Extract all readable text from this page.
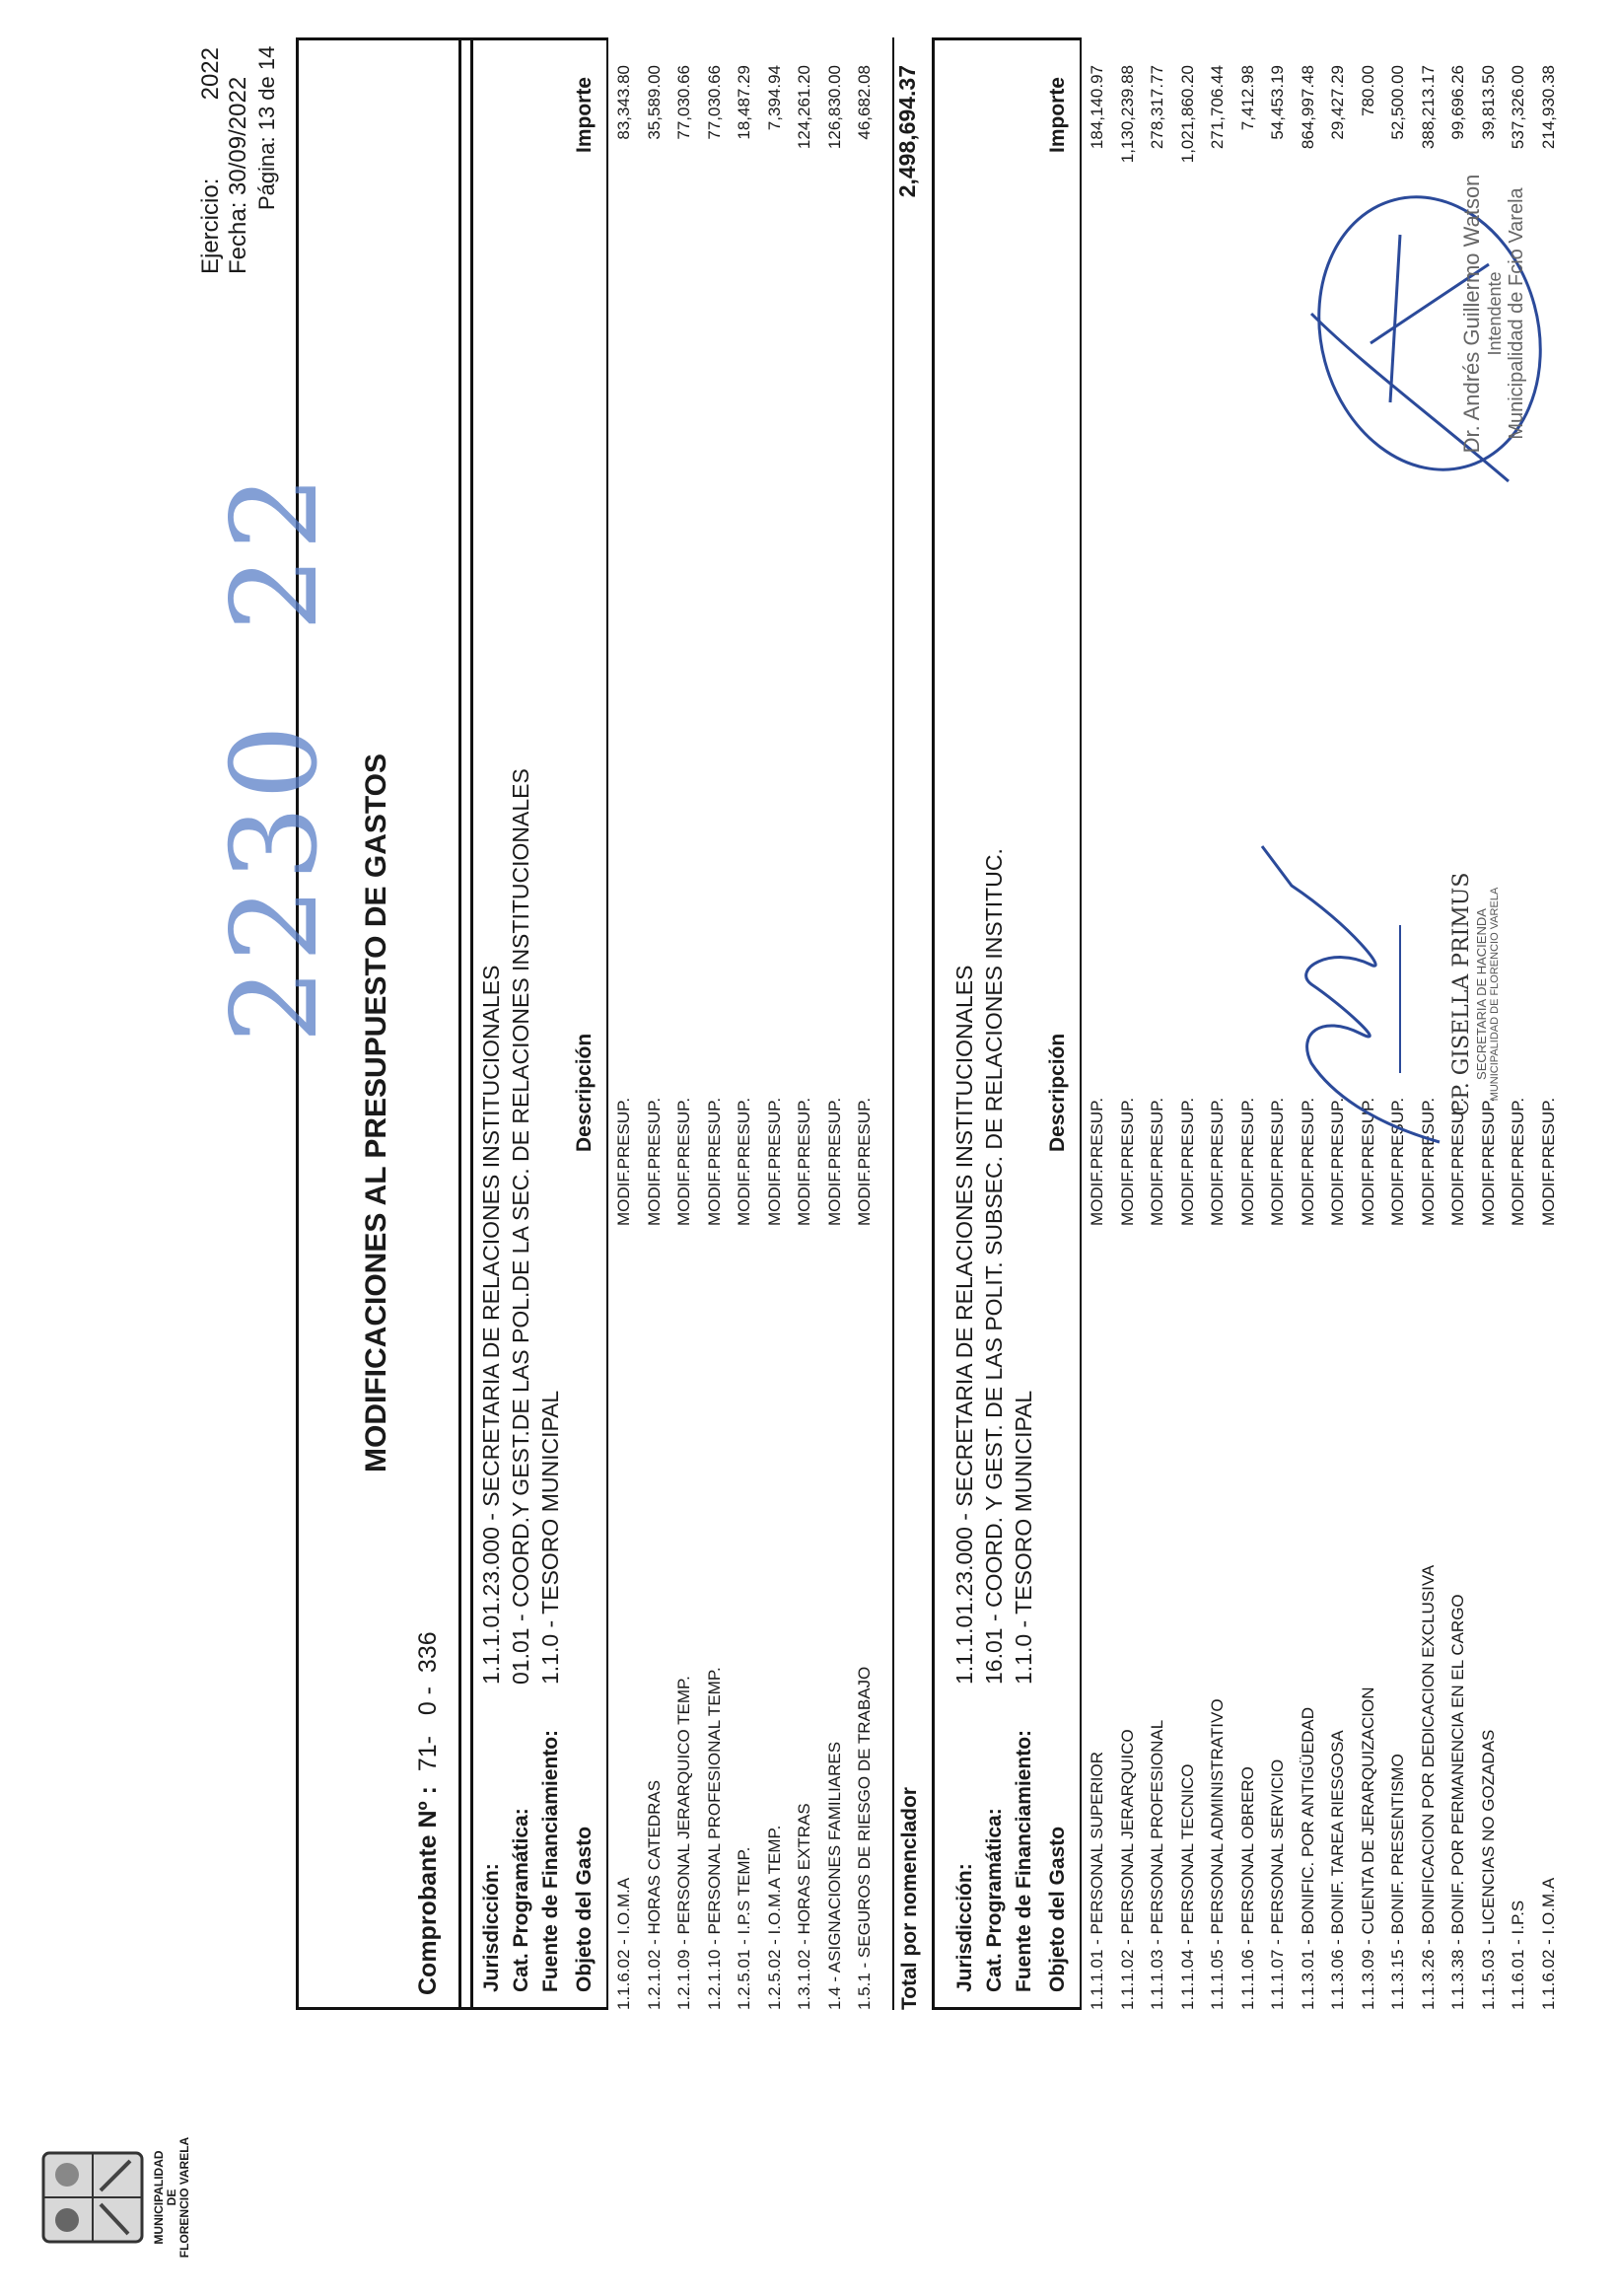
MUNICIPALIDAD DE FLORENCIO VARELA
MODIFICACIONES AL PRESUPUESTO DE GASTOS
Comprobante Nº : 71-   0 -  336
Ejercicio:
2022
Fecha: 30/09/2022 Página: 13 de 14
2230  22
Jurisdicción:
1.1.1.01.23.000 - SECRETARIA DE RELACIONES INSTITUCIONALES
Cat. Programática:
01.01 - COORD.Y GEST.DE LAS POL.DE LA SEC. DE RELACIONES INSTITUCIONALES
Fuente de Financiamiento:
1.1.0 - TESORO MUNICIPAL
Objeto del Gasto
Descripción
Importe
1.1.6.02 - I.O.M.A
MODIF.PRESUP.
83,343.80
1.2.1.02 - HORAS CATEDRAS
MODIF.PRESUP.
35,589.00
1.2.1.09 - PERSONAL JERARQUICO TEMP.
MODIF.PRESUP.
77,030.66
1.2.1.10 - PERSONAL PROFESIONAL TEMP.
MODIF.PRESUP.
77,030.66
1.2.5.01 - I.P.S TEMP.
MODIF.PRESUP.
18,487.29
1.2.5.02 - I.O.M.A TEMP.
MODIF.PRESUP.
7,394.94
1.3.1.02 - HORAS EXTRAS
MODIF.PRESUP.
124,261.20
1.4 - ASIGNACIONES FAMILIARES
MODIF.PRESUP.
126,830.00
1.5.1 - SEGUROS DE RIESGO DE TRABAJO
MODIF.PRESUP.
46,682.08
Total por nomenclador
2,498,694.37
Jurisdicción:
1.1.1.01.23.000 - SECRETARIA DE RELACIONES INSTITUCIONALES
Cat. Programática:
16.01 - COORD. Y GEST. DE LAS POLIT. SUBSEC. DE RELACIONES INSTITUC.
Fuente de Financiamiento:
1.1.0 - TESORO MUNICIPAL
Objeto del Gasto
Descripción
Importe
1.1.1.01 - PERSONAL SUPERIOR
MODIF.PRESUP.
184,140.97
1.1.1.02 - PERSONAL JERARQUICO
MODIF.PRESUP.
1,130,239.88
1.1.1.03 - PERSONAL PROFESIONAL
MODIF.PRESUP.
278,317.77
1.1.1.04 - PERSONAL TECNICO
MODIF.PRESUP.
1,021,860.20
1.1.1.05 - PERSONAL ADMINISTRATIVO
MODIF.PRESUP.
271,706.44
1.1.1.06 - PERSONAL OBRERO
MODIF.PRESUP.
7,412.98
1.1.1.07 - PERSONAL SERVICIO
MODIF.PRESUP.
54,453.19
1.1.3.01 - BONIFIC. POR ANTIGÜEDAD
MODIF.PRESUP.
864,997.48
1.1.3.06 - BONIF. TAREA RIESGOSA
MODIF.PRESUP.
29,427.29
1.1.3.09 - CUENTA DE JERARQUIZACION
MODIF.PRESUP.
780.00
1.1.3.15 - BONIF. PRESENTISMO
MODIF.PRESUP.
52,500.00
1.1.3.26 - BONIFICACION POR DEDICACION EXCLUSIVA
MODIF.PRESUP.
388,213.17
1.1.3.38 - BONIF. POR PERMANENCIA EN EL CARGO
MODIF.PRESUP.
99,696.26
1.1.5.03 - LICENCIAS NO GOZADAS
MODIF.PRESUP.
39,813.50
1.1.6.01 - I.P.S
MODIF.PRESUP.
537,326.00
1.1.6.02 - I.O.M.A
MODIF.PRESUP.
214,930.38
CP. GISELLA PRIMUS SECRETARIA DE HACIENDA MUNICIPALIDAD DE FLORENCIO VARELA
Dr. Andrés Guillermo Watson Intendente Municipalidad de Fcio Varela
